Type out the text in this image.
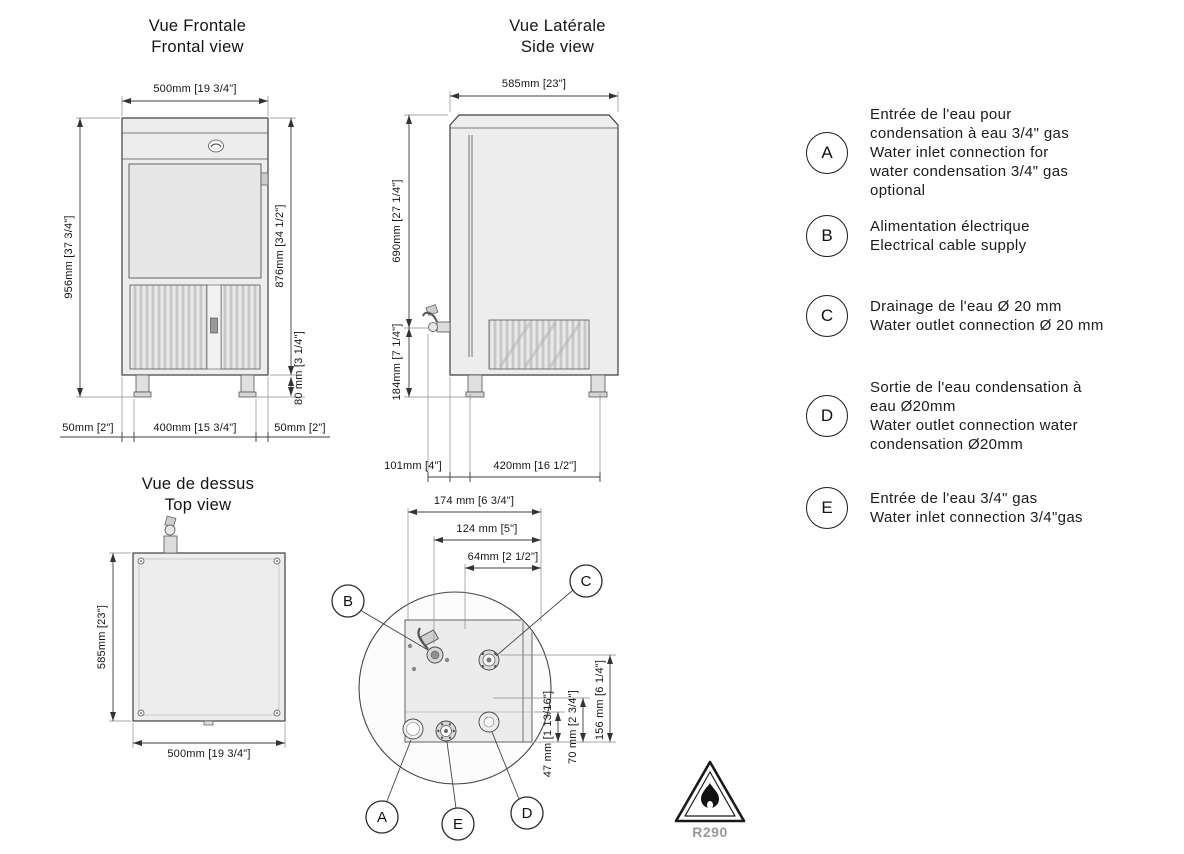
Vue Frontale
Frontal view
Vue Latérale
Side view
Vue de dessus
Top view
500mm [19 3/4"]
956mm [37 3/4"]	876mm [34 1/2"]
80 mm [3 1/4"]
50mm [2"]	400mm [15 3/4"]	50mm [2"]
585mm [23"]
690mm [27 1/4"]
184mm [7 1/4"]
101mm [4"]	420mm [16 1/2"]
585mm [23"]
500mm [19 3/4"]
B
C
A	E
D
174 mm [6 3/4"]
124 mm [5"]
64mm [2 1/2"]
47 mm [1 13/16"] 70 mm [2 3/4"] 156 mm [6 1/4"]
R290
A
Entrée de l'eau pour condensation à eau 3/4" gas Water inlet connection for water condensation 3/4" gas optional
B Alimentation électrique Electrical cable supply
C Drainage de l'eau Ø 20 mm Water outlet connection Ø 20 mm
D
Sortie de l'eau condensation à eau Ø20mm
Water outlet connection water condensation Ø20mm
E Entrée de l'eau 3/4" gas
Water inlet connection 3/4"gas
